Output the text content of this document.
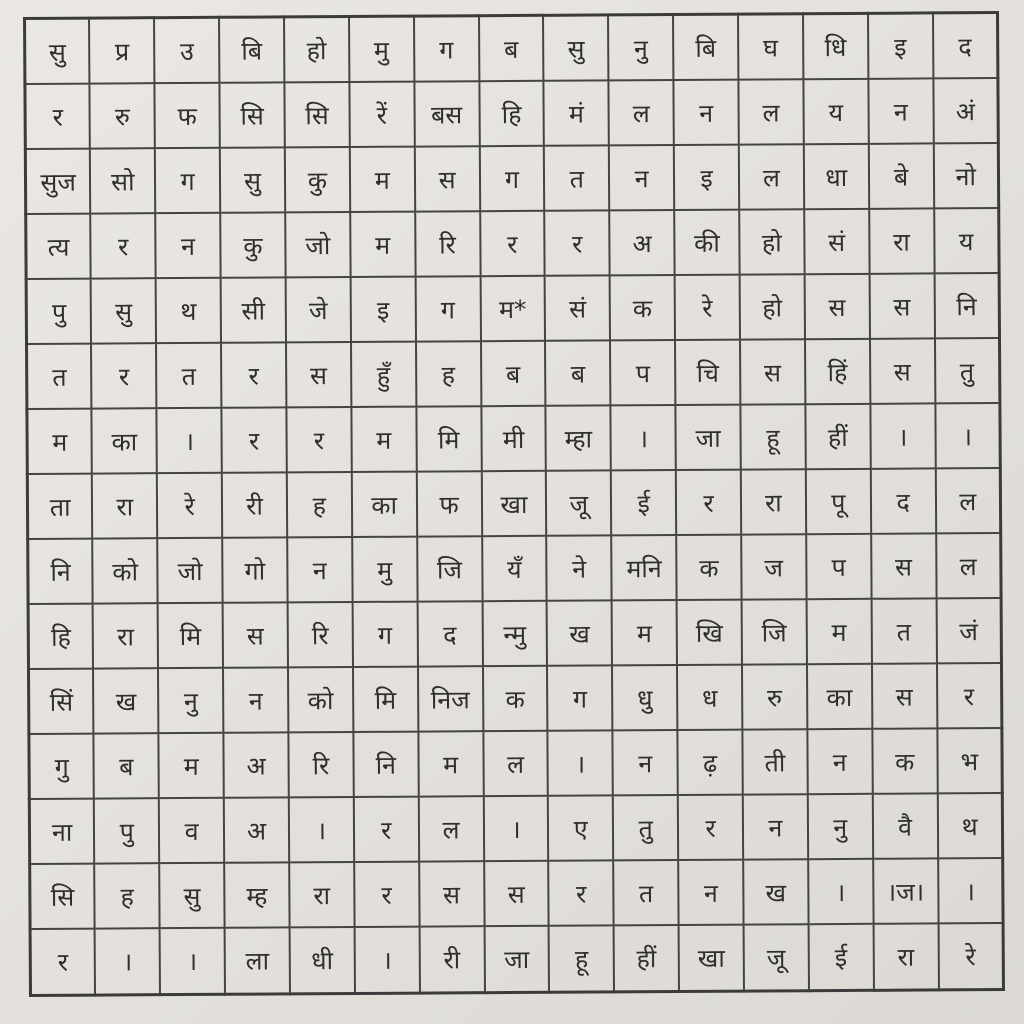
सु	प्र	उ	बि	हो	मु	ग	ब	सु	नु	बि	घ	धि	इ	द
र	रु	फ	सि	सि	रें	बस	हि	मं	ल	न	ल	य	न	अं
सुज	सो	ग	सु	कु	म	स	ग	त	न	इ	ल	धा	बे	नो
त्य	र	न	कु	जो	म	रि	र	र	अ	की	हो	सं	रा	य
पु	सु	थ	सी	जे	इ	ग	म*	सं	क	रे	हो	स	स	नि
त	र	त	र	स	हुँ	ह	ब	ब	प	चि	स	हिं	स	तु
म	का	।	र	र	म	मि	मी	म्हा	।	जा	हू	हीं	।	।
ता	रा	रे	री	ह	का	फ	खा	जू	ई	र	रा	पू	द	ल
नि	को	जो	गो	न	मु	जि	यँ	ने	मनि	क	ज	प	स	ल
हि	रा	मि	स	रि	ग	द	न्मु	ख	म	खि	जि	म	त	जं
सिं	ख	नु	न	को	मि	निज	क	ग	धु	ध	रु	का	स	र
गु	ब	म	अ	रि	नि	म	ल	।	न	ढ़	ती	न	क	भ
ना	पु	व	अ	।	र	ल	।	ए	तु	र	न	नु	वै	थ
सि	ह	सु	म्ह	रा	र	स	स	र	त	न	ख	।	।ज।	।
र	।	।	ला	धी	।	री	जा	हू	हीं	खा	जू	ई	रा	रे
